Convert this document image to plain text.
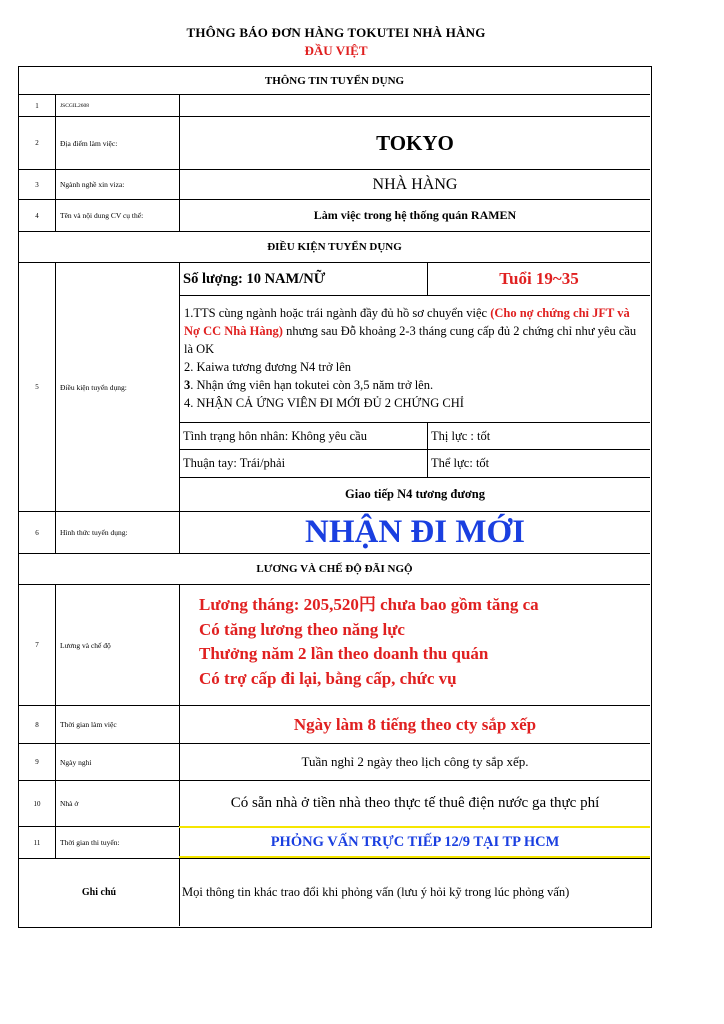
THÔNG BÁO ĐƠN HÀNG TOKUTEI NHÀ HÀNG
ĐẦU VIỆT
THÔNG TIN TUYỂN DỤNG
1	JSCGIL2608
2	Địa điểm làm việc:	TOKYO
3	Ngành nghề xin viza:	NHÀ HÀNG
4	Tên và nội dung CV cụ thể:	Làm việc trong hệ thống quán RAMEN
ĐIỀU KIỆN TUYỂN DỤNG
5	Điều kiện tuyển dụng:
Số lượng: 10 NAM/NỮ	Tuổi 19~35
1.TTS cùng ngành hoặc trái ngành đầy đủ hồ sơ chuyển việc (Cho nợ chứng chỉ JFT và Nợ CC Nhà Hàng) nhưng sau Đỗ khoảng 2-3 tháng cung cấp đủ 2 chứng chỉ như yêu cầu là OK
2. Kaiwa tương đương N4 trở lên
3. Nhận ứng viên hạn tokutei còn 3,5 năm trở lên.
4. NHẬN CẢ ỨNG VIÊN ĐI MỚI ĐỦ 2 CHỨNG CHỈ
Tình trạng hôn nhân: Không yêu cầu	Thị lực : tốt
Thuận tay: Trái/phải	Thể lực: tốt
Giao tiếp N4 tương đương
6	Hình thức tuyển dụng:	NHẬN ĐI MỚI
LƯƠNG VÀ CHẾ ĐỘ ĐÃI NGỘ
7	Lương và chế độ
Lương tháng: 205,520円 chưa bao gồm tăng ca
Có tăng lương theo năng lực
Thưởng năm 2 lần theo doanh thu quán
Có trợ cấp đi lại, bằng cấp, chức vụ
8	Thời gian làm việc	Ngày làm 8 tiếng theo cty sắp xếp
9	Ngày nghỉ	Tuần nghỉ 2 ngày theo lịch công ty sắp xếp.
10	Nhà ở	Có sẵn nhà ở tiền nhà theo thực tế thuê điện nước ga thực phí
11	Thời gian thi tuyển:	PHỎNG VẤN TRỰC TIẾP 12/9 TẠI TP HCM
Ghi chú	Mọi thông tin khác trao đổi khi phỏng vấn (lưu ý hỏi kỹ trong lúc phỏng vấn)
